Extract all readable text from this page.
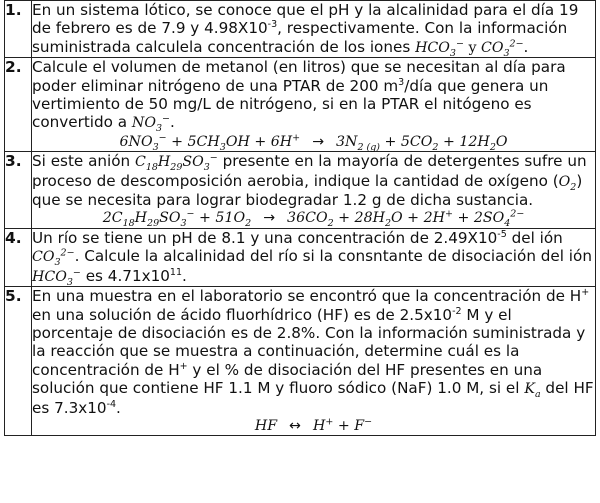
1.	En un sistema lótico, se conoce que el pH y la alcalinidad para el día 19 de febrero es de 7.9 y $4.98X10^{-3}$, respectivamente. Con la información suministrada calculela concentración de los iones $HCO_3^-$ y $CO_3^{2-}$.
2.	Calcule el volumen de metanol (en litros) que se necesitan al día para poder eliminar nitrógeno de una PTAR de 200 $m^3$/día que genera un vertimiento de 50 mg/L de nitrógeno, si en la PTAR el nitógeno es convertido a $NO_3^-$.
$6NO_3^- + 5CH_3OH + 6H^+ \to 3N_{2 (g)} + 5CO_2 + 12H_2O$

3.	Si este anión $C_{18}H_{29}SO_3^-$ presente en la mayoría de detergentes sufre un proceso de descomposición aerobia, indique la cantidad de oxígeno $(O_2)$ que se necesita para lograr biodegradar 1.2 g de dicha sustancia.
$2C_{18}H_{29}SO_3^- + 51O_2 \to 36CO_2 + 28H_2O + 2H^+ + 2SO_4^{2-}$

4.	Un río se tiene un pH de 8.1 y una concentración de $2.49X10^{-5}$ del ión $CO_3^{2-}$. Calcule la alcalinidad del río si la consntante de disociación del ión $HCO_3^-$ es $4.71x10^{11}$.
5.	En una muestra en el laboratorio se encontró que la concentración de H+ en una solución de ácido fluorhídrico (HF) es de $2.5x10^{-2}$ M y el porcentaje de disociación es de 2.8%. Con la información suministrada y la reacción que se muestra a continuación, determine cuál es la concentración de H+ y el % de disociación del HF presentes en una solución que contiene HF 1.1 M y fluoro sódico (NaF) 1.0 M, si el $K_a$ del HF es $7.3x10^{-4}$.
HF ↔ H+ + F−
